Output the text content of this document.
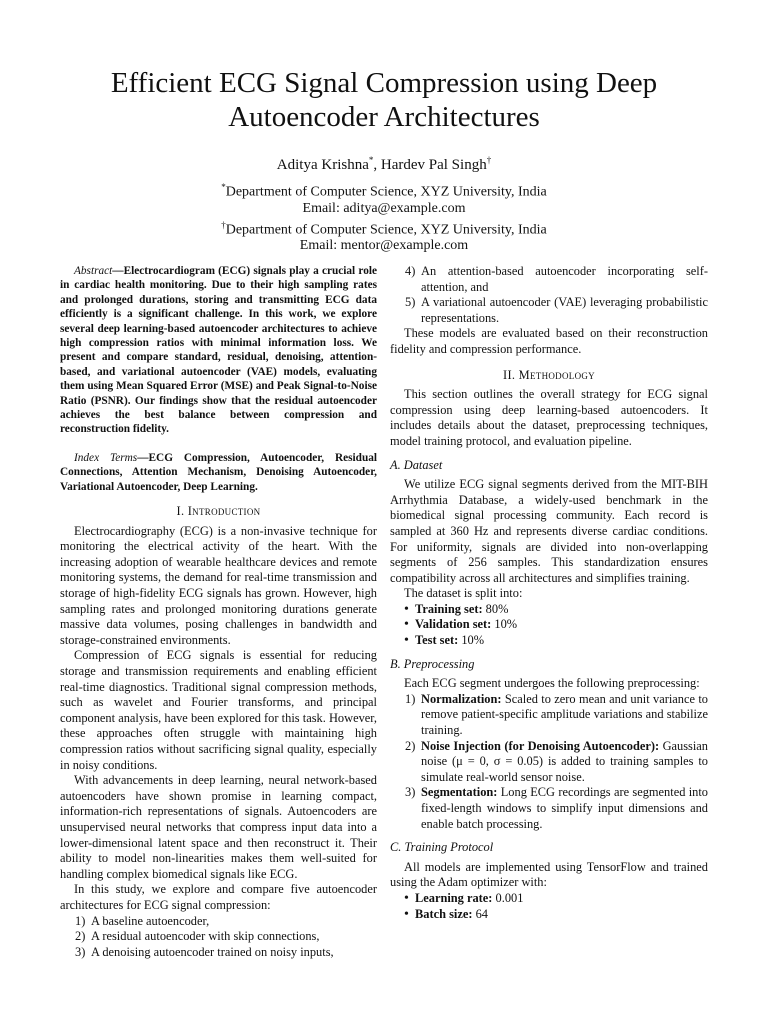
Efficient ECG Signal Compression using Deep Autoencoder Architectures
Aditya Krishna*, Hardev Pal Singh†
*Department of Computer Science, XYZ University, India
Email: aditya@example.com
†Department of Computer Science, XYZ University, India
Email: mentor@example.com

Abstract—Electrocardiogram (ECG) signals play a crucial role in cardiac health monitoring. Due to their high sampling rates and prolonged durations, storing and transmitting ECG data efficiently is a significant challenge. In this work, we explore several deep learning-based autoencoder architectures to achieve high compression ratios with minimal information loss. We present and compare standard, residual, denoising, attention-based, and variational autoencoder (VAE) models, evaluating them using Mean Squared Error (MSE) and Peak Signal-to-Noise Ratio (PSNR). Our findings show that the residual autoencoder achieves the best balance between compression and reconstruction fidelity.

Index Terms—ECG Compression, Autoencoder, Residual Connections, Attention Mechanism, Denoising Autoencoder, Variational Autoencoder, Deep Learning.

I. Introduction

Electrocardiography (ECG) is a non-invasive technique for monitoring the electrical activity of the heart. With the increasing adoption of wearable healthcare devices and remote monitoring systems, the demand for real-time transmission and storage of high-fidelity ECG signals has grown. However, high sampling rates and prolonged monitoring durations generate massive data volumes, posing challenges in bandwidth and storage-constrained environments.

Compression of ECG signals is essential for reducing storage and transmission requirements and enabling efficient real-time diagnostics. Traditional signal compression methods, such as wavelet and Fourier transforms, and principal component analysis, have been explored for this task. However, these approaches often struggle with maintaining high compression ratios without sacrificing signal quality, especially in noisy conditions.

With advancements in deep learning, neural network-based autoencoders have shown promise in learning compact, information-rich representations of signals. Autoencoders are unsupervised neural networks that compress input data into a lower-dimensional latent space and then reconstruct it. Their ability to model non-linearities makes them well-suited for handling complex biomedical signals like ECG.

In this study, we explore and compare five autoencoder architectures for ECG signal compression:

1) A baseline autoencoder,
2) A residual autoencoder with skip connections,
3) A denoising autoencoder trained on noisy inputs,
4) An attention-based autoencoder incorporating self-attention, and
5) A variational autoencoder (VAE) leveraging probabilistic representations.

These models are evaluated based on their reconstruction fidelity and compression performance.

II. Methodology

This section outlines the overall strategy for ECG signal compression using deep learning-based autoencoders. It includes details about the dataset, preprocessing techniques, model training protocol, and evaluation pipeline.

A. Dataset

We utilize ECG signal segments derived from the MIT-BIH Arrhythmia Database, a widely-used benchmark in the biomedical signal processing community. Each record is sampled at 360 Hz and represents diverse cardiac conditions. For uniformity, signals are divided into non-overlapping segments of 256 samples. This standardization ensures compatibility across all architectures and simplifies training.

The dataset is split into:

• Training set: 80%
• Validation set: 10%
• Test set: 10%
B. Preprocessing

Each ECG segment undergoes the following preprocessing:

1) Normalization: Scaled to zero mean and unit variance to remove patient-specific amplitude variations and stabilize training.
2) Noise Injection (for Denoising Autoencoder): Gaussian noise (μ = 0, σ = 0.05) is added to training samples to simulate real-world sensor noise.
3) Segmentation: Long ECG recordings are segmented into fixed-length windows to simplify input dimensions and enable batch processing.
C. Training Protocol

All models are implemented using TensorFlow and trained using the Adam optimizer with:

• Learning rate: 0.001
• Batch size: 64
